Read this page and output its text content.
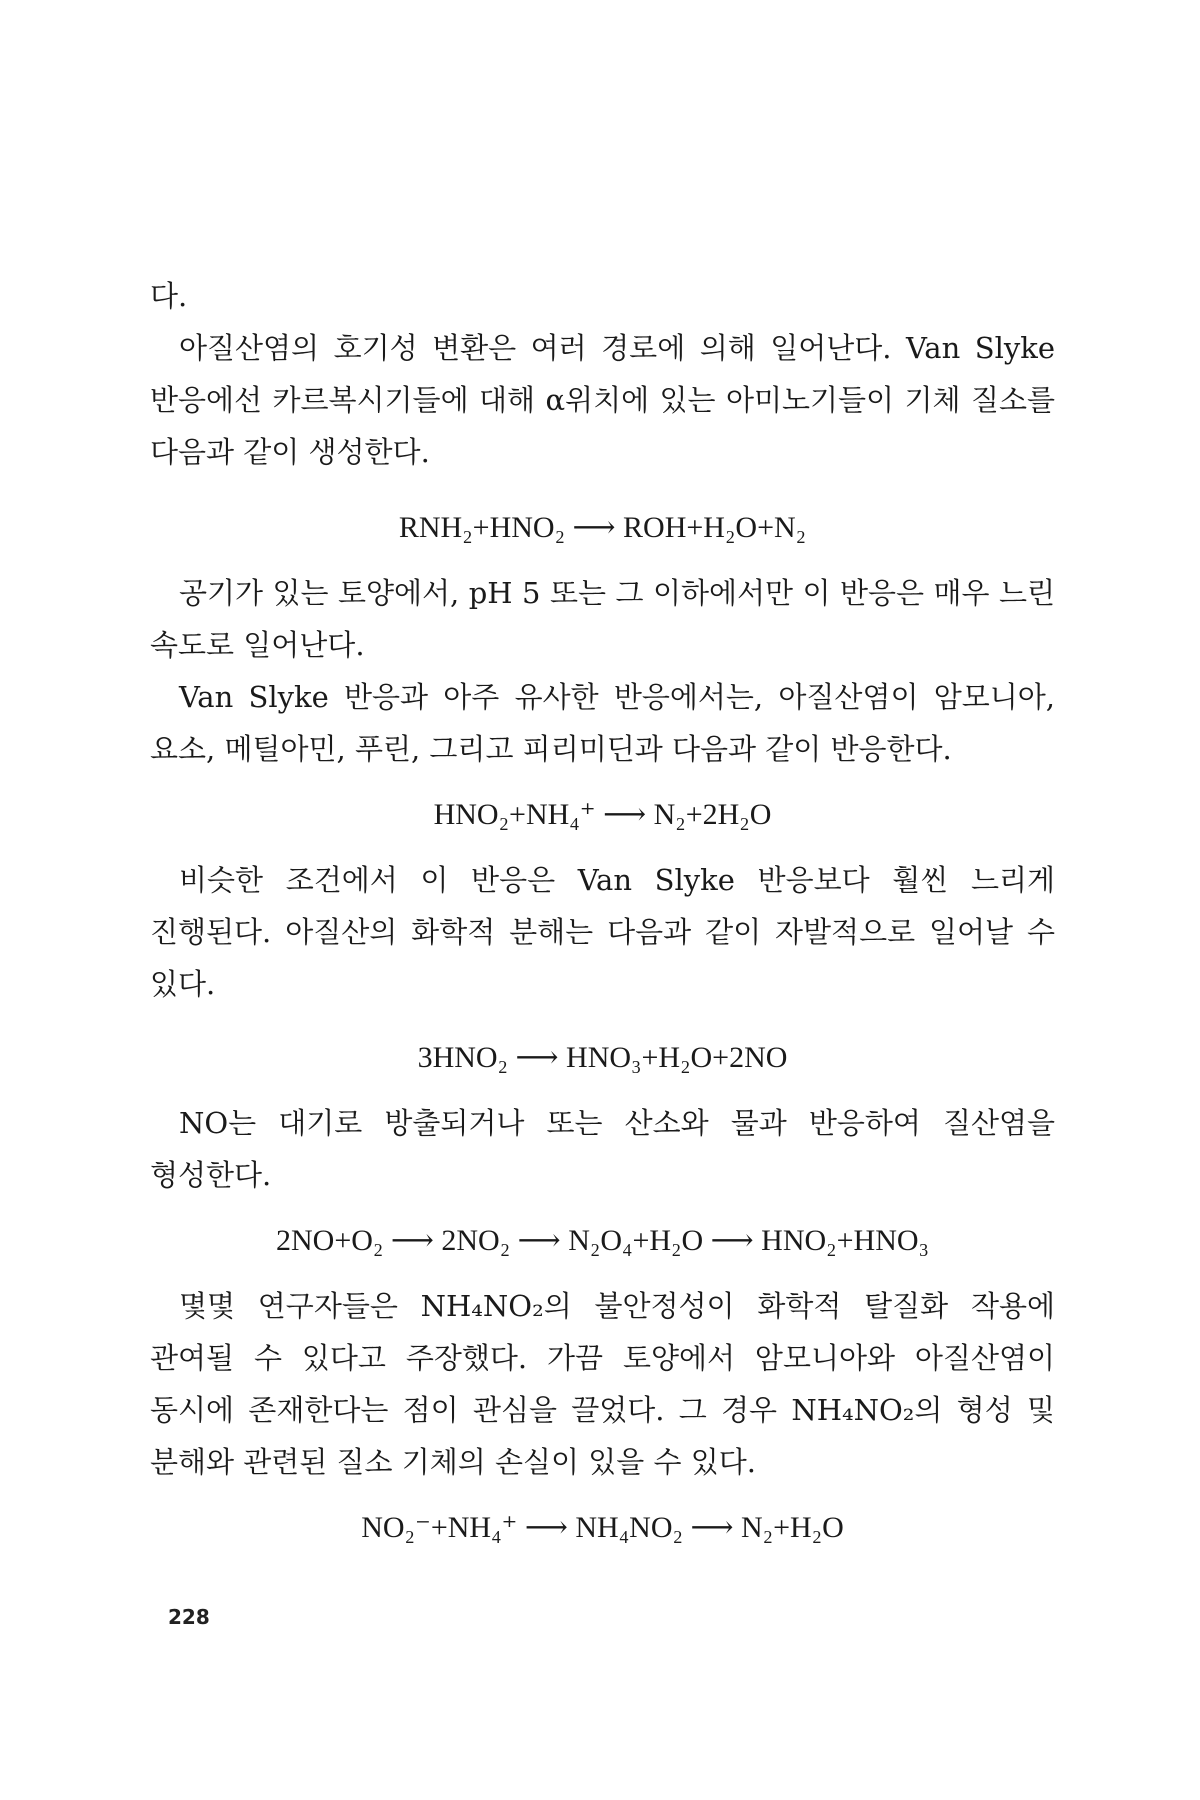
다.

아질산염의 호기성 변환은 여러 경로에 의해 일어난다. Van Slyke 반응에선 카르복시기들에 대해 α위치에 있는 아미노기들이 기체 질소를 다음과 같이 생성한다.

RNH₂+HNO₂ ⟶ ROH+H₂O+N₂

공기가 있는 토양에서, pH 5 또는 그 이하에서만 이 반응은 매우 느린 속도로 일어난다.

Van Slyke 반응과 아주 유사한 반응에서는, 아질산염이 암모니아, 요소, 메틸아민, 푸린, 그리고 피리미딘과 다음과 같이 반응한다.

HNO₂+NH₄⁺ ⟶ N₂+2H₂O

비슷한 조건에서 이 반응은 Van Slyke 반응보다 훨씬 느리게 진행된다. 아질산의 화학적 분해는 다음과 같이 자발적으로 일어날 수 있다.

3HNO₂ ⟶ HNO₃+H₂O+2NO

NO는 대기로 방출되거나 또는 산소와 물과 반응하여 질산염을 형성한다.

2NO+O₂ ⟶ 2NO₂ ⟶ N₂O₄+H₂O ⟶ HNO₂+HNO₃

몇몇 연구자들은 NH₄NO₂의 불안정성이 화학적 탈질화 작용에 관여될 수 있다고 주장했다. 가끔 토양에서 암모니아와 아질산염이 동시에 존재한다는 점이 관심을 끌었다. 그 경우 NH₄NO₂의 형성 및 분해와 관련된 질소 기체의 손실이 있을 수 있다.

NO₂⁻+NH₄⁺ ⟶ NH₄NO₂ ⟶ N₂+H₂O

228
